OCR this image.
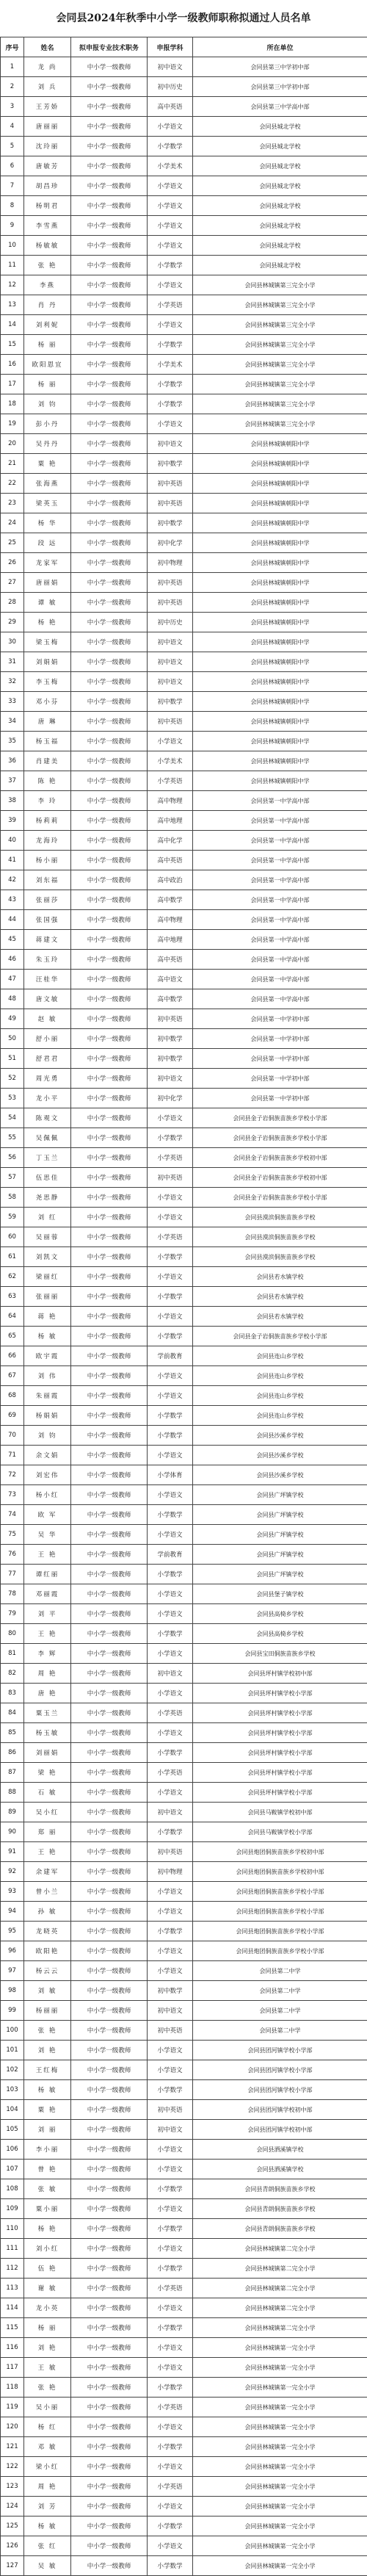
会同县2024年秋季中小学一级教师职称拟通过人员名单
序号	姓名	拟申报专业技术职务	申报学科	所在单位
1	龙 尚	中小学一级教师	初中语文	会同县第三中学初中部
2	刘 兵	中小学一级教师	初中历史	会同县第三中学初中部
3	王芳娇	中小学一级教师	高中英语	会同县第三中学高中部
4	唐丽丽	中小学一级教师	小学语文	会同县城北学校
5	沈玲丽	中小学一级教师	小学数学	会同县城北学校
6	唐敏芳	中小学一级教师	小学美术	会同县城北学校
7	胡昌珍	中小学一级教师	小学语文	会同县城北学校
8	杨明君	中小学一级教师	小学语文	会同县城北学校
9	李雪燕	中小学一级教师	小学语文	会同县城北学校
10	杨敏敏	中小学一级教师	小学语文	会同县城北学校
11	张 艳	中小学一级教师	小学数学	会同县城北学校
12	李燕	中小学一级教师	小学语文	会同县林城镇第三完全小学
13	肖 丹	中小学一级教师	小学英语	会同县林城镇第三完全小学
14	刘利妮	中小学一级教师	小学语文	会同县林城镇第三完全小学
15	杨 丽	中小学一级教师	小学数学	会同县林城镇第三完全小学
16	欧阳恩宜	中小学一级教师	小学美术	会同县林城镇第三完全小学
17	杨 丽	中小学一级教师	小学数学	会同县林城镇第三完全小学
18	刘 钧	中小学一级教师	小学数学	会同县林城镇第三完全小学
19	彭小丹	中小学一级教师	小学语文	会同县林城镇第三完全小学
20	吴丹丹	中小学一级教师	初中语文	会同县林城镇朝阳中学
21	粟 艳	中小学一级教师	初中数学	会同县林城镇朝阳中学
22	张海燕	中小学一级教师	初中英语	会同县林城镇朝阳中学
23	梁英玉	中小学一级教师	初中英语	会同县林城镇朝阳中学
24	杨 华	中小学一级教师	初中数学	会同县林城镇朝阳中学
25	段 远	中小学一级教师	初中化学	会同县林城镇朝阳中学
26	龙家军	中小学一级教师	初中物理	会同县林城镇朝阳中学
27	唐丽娟	中小学一级教师	初中英语	会同县林城镇朝阳中学
28	谭 敏	中小学一级教师	初中英语	会同县林城镇朝阳中学
29	杨 艳	中小学一级教师	初中历史	会同县林城镇朝阳中学
30	梁玉梅	中小学一级教师	初中语文	会同县林城镇朝阳中学
31	刘娟娟	中小学一级教师	初中语文	会同县林城镇朝阳中学
32	李玉梅	中小学一级教师	初中语文	会同县林城镇朝阳中学
33	邓小芬	中小学一级教师	初中数学	会同县林城镇朝阳中学
34	唐 琳	中小学一级教师	初中英语	会同县林城镇朝阳中学
35	杨玉福	中小学一级教师	小学语文	会同县林城镇朝阳中学
36	肖建美	中小学一级教师	小学美术	会同县林城镇朝阳中学
37	陈 艳	中小学一级教师	小学英语	会同县林城镇朝阳中学
38	李 玲	中小学一级教师	高中物理	会同县第一中学高中部
39	杨莉莉	中小学一级教师	高中地理	会同县第一中学高中部
40	龙海玲	中小学一级教师	高中化学	会同县第一中学高中部
41	杨小丽	中小学一级教师	高中英语	会同县第一中学高中部
42	刘东福	中小学一级教师	高中政治	会同县第一中学高中部
43	张丽莎	中小学一级教师	高中数学	会同县第一中学高中部
44	张国强	中小学一级教师	高中物理	会同县第一中学高中部
45	蒋建文	中小学一级教师	高中地理	会同县第一中学高中部
46	朱玉玲	中小学一级教师	高中英语	会同县第一中学高中部
47	汪桂华	中小学一级教师	高中语文	会同县第一中学高中部
48	唐文敏	中小学一级教师	高中数学	会同县第一中学高中部
49	赵 敏	中小学一级教师	初中英语	会同县第一中学初中部
50	舒小丽	中小学一级教师	初中数学	会同县第一中学初中部
51	舒君君	中小学一级教师	初中数学	会同县第一中学初中部
52	周光勇	中小学一级教师	初中语文	会同县第一中学初中部
53	龙小平	中小学一级教师	初中化学	会同县第一中学初中部
54	陈观文	中小学一级教师	小学语文	会同县金子岩侗族苗族乡学校小学部
55	吴佩佩	中小学一级教师	小学数学	会同县金子岩侗族苗族乡学校小学部
56	丁玉兰	中小学一级教师	小学英语	会同县金子岩侗族苗族乡学校初中部
57	伍思佳	中小学一级教师	初中英语	会同县金子岩侗族苗族乡学校初中部
58	尧思静	中小学一级教师	小学语文	会同县金子岩侗族苗族乡学校小学部
59	刘 红	中小学一级教师	小学语文	会同县漠滨侗族苗族乡学校
60	吴丽蓉	中小学一级教师	小学英语	会同县漠滨侗族苗族乡学校
61	刘凯文	中小学一级教师	小学数学	会同县漠滨侗族苗族乡学校
62	梁丽红	中小学一级教师	小学语文	会同县若水镇学校
63	张丽丽	中小学一级教师	小学数学	会同县若水镇学校
64	蒋 艳	中小学一级教师	小学语文	会同县若水镇学校
65	杨 敏	中小学一级教师	小学数学	会同县金子岩侗族苗族乡学校小学部
66	欧宇霞	中小学一级教师	学前教育	会同县连山乡学校
67	刘 伟	中小学一级教师	小学语文	会同县连山乡学校
68	朱丽霞	中小学一级教师	小学语文	会同县连山乡学校
69	杨娟娟	中小学一级教师	小学数学	会同县连山乡学校
70	刘 钧	中小学一级教师	小学数学	会同县沙溪乡学校
71	余文娟	中小学一级教师	小学语文	会同县沙溪乡学校
72	刘宏伟	中小学一级教师	小学体育	会同县沙溪乡学校
73	杨小红	中小学一级教师	小学语文	会同县广坪镇学校
74	欧 军	中小学一级教师	小学数学	会同县广坪镇学校
75	吴 华	中小学一级教师	小学语文	会同县广坪镇学校
76	王 艳	中小学一级教师	学前教育	会同县广坪镇学校
77	谭红丽	中小学一级教师	小学数学	会同县广坪镇学校
78	邓丽霞	中小学一级教师	小学语文	会同县堡子镇学校
79	刘 平	中小学一级教师	小学语文	会同县高椅乡学校
80	王 艳	中小学一级教师	小学数学	会同县高椅乡学校
81	李 辉	中小学一级教师	小学语文	会同县宝田侗族苗族乡学校
82	周 艳	中小学一级教师	初中语文	会同县坪村镇学校初中部
83	唐 艳	中小学一级教师	小学语文	会同县坪村镇学校小学部
84	粟玉兰	中小学一级教师	小学英语	会同县坪村镇学校小学部
85	杨玉敏	中小学一级教师	小学语文	会同县坪村镇学校小学部
86	刘丽娟	中小学一级教师	小学数学	会同县坪村镇学校小学部
87	梁 艳	中小学一级教师	小学英语	会同县坪村镇学校小学部
88	石 敏	中小学一级教师	小学语文	会同县坪村镇学校小学部
89	吴小红	中小学一级教师	初中语文	会同县马鞍镇学校初中部
90	郑 丽	中小学一级教师	小学数学	会同县马鞍镇学校小学部
91	王 艳	中小学一级教师	初中英语	会同县炮团侗族苗族乡学校初中部
92	余建军	中小学一级教师	初中物理	会同县炮团侗族苗族乡学校初中部
93	曾小兰	中小学一级教师	小学语文	会同县炮团侗族苗族乡学校小学部
94	孙 敏	中小学一级教师	小学语文	会同县炮团侗族苗族乡学校小学部
95	龙晓英	中小学一级教师	小学数学	会同县炮团侗族苗族乡学校小学部
96	欧阳艳	中小学一级教师	小学语文	会同县炮团侗族苗族乡学校小学部
97	杨云云	中小学一级教师	小学语文	会同县第二中学
98	刘 敏	中小学一级教师	初中数学	会同县第二中学
99	杨丽丽	中小学一级教师	初中语文	会同县第二中学
100	张 艳	中小学一级教师	初中英语	会同县第二中学
101	刘 艳	中小学一级教师	小学语文	会同县团河镇学校小学部
102	王红梅	中小学一级教师	小学语文	会同县团河镇学校小学部
103	杨 敏	中小学一级教师	小学数学	会同县团河镇学校小学部
104	粟 艳	中小学一级教师	初中英语	会同县团河镇学校初中部
105	刘 丽	中小学一级教师	初中语文	会同县团河镇学校初中部
106	李小丽	中小学一级教师	小学语文	会同县洒溪镇学校
107	曾 艳	中小学一级教师	小学语文	会同县洒溪镇学校
108	张 敏	中小学一级教师	小学数学	会同县青朗侗族苗族乡学校
109	粟小丽	中小学一级教师	小学语文	会同县青朗侗族苗族乡学校
110	杨 艳	中小学一级教师	小学数学	会同县青朗侗族苗族乡学校
111	刘小红	中小学一级教师	小学语文	会同县林城镇第二完全小学
112	伍 艳	中小学一级教师	小学数学	会同县林城镇第二完全小学
113	谢 敏	中小学一级教师	小学英语	会同县林城镇第二完全小学
114	龙小英	中小学一级教师	小学语文	会同县林城镇第二完全小学
115	杨 丽	中小学一级教师	小学数学	会同县林城镇第二完全小学
116	刘 艳	中小学一级教师	小学语文	会同县林城镇第一完全小学
117	王 敏	中小学一级教师	小学语文	会同县林城镇第一完全小学
118	张 艳	中小学一级教师	小学数学	会同县林城镇第一完全小学
119	吴小丽	中小学一级教师	小学英语	会同县林城镇第一完全小学
120	杨 红	中小学一级教师	小学语文	会同县林城镇第一完全小学
121	邓 敏	中小学一级教师	小学数学	会同县林城镇第一完全小学
122	梁小红	中小学一级教师	小学语文	会同县林城镇第一完全小学
123	周 艳	中小学一级教师	小学英语	会同县林城镇第一完全小学
124	刘 芳	中小学一级教师	小学语文	会同县林城镇第一完全小学
125	杨 敏	中小学一级教师	小学数学	会同县林城镇第一完全小学
126	张 红	中小学一级教师	小学语文	会同县林城镇第一完全小学
127	吴 敏	中小学一级教师	小学数学	会同县林城镇第一完全小学
